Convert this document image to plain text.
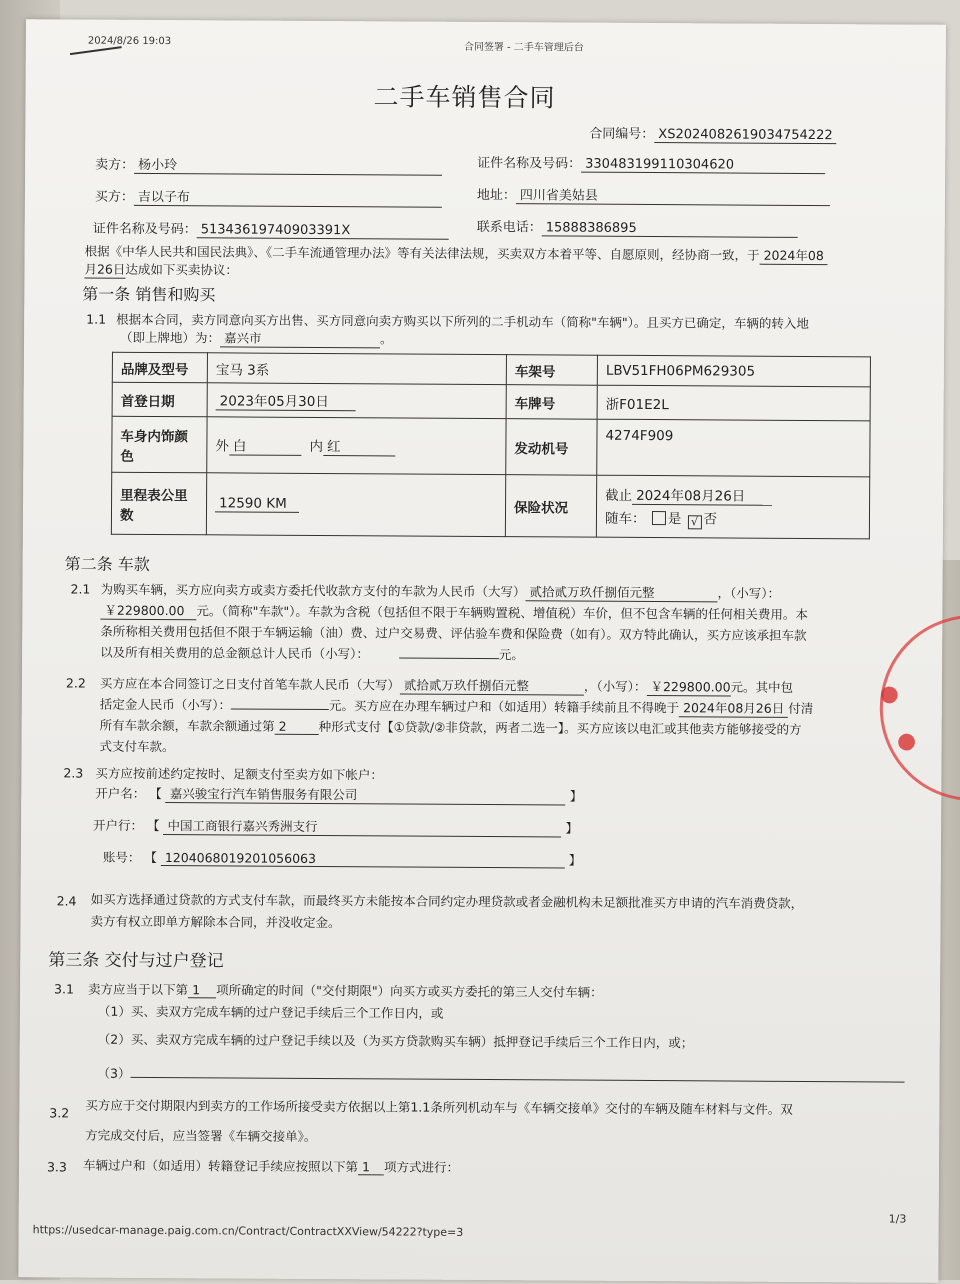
2024/8/26 19:03
合同签署 - 二手车管理后台
二手车销售合同
合同编号： XS2024082619034754222
卖方： 杨小玲	证件名称及号码： 330483199110304620
买方： 吉以子布	地址： 四川省美姑县
证件名称及号码： 51343619740903391X	联系电话： 15888386895
根据《中华人民共和国民法典》、《二手车流通管理办法》等有关法律法规，买卖双方本着平等、自愿原则，经协商一致，于 2024年08
月26日达成如下买卖协议：
第一条 销售和购买
1.1 根据本合同，卖方同意向买方出售、买方同意向卖方购买以下所列的二手机动车（简称"车辆"）。且买方已确定，车辆的转入地
（即上牌地）为： 嘉兴市	。
品牌及型号	宝马 3系	车架号	LBV51FH06PM629305
首登日期	2023年05月30日	车牌号	浙F01E2L
车身内饰颜色	外 白 内 红	发动机号	4274F909
里程表公里数	12590 KM	保险状况	截止 2024年08月26日
随车： 是 √ 否
第二条 车款
2.1 为购买车辆，买方应向卖方或卖方委托代收款方支付的车款为人民币（大写） 贰拾贰万玖仟捌佰元整	，（小写）：
￥229800.00 元。（简称"车款"）。车款为含税（包括但不限于车辆购置税、增值税）车价，但不包含车辆的任何相关费用。本
条所称相关费用包括但不限于车辆运输（油）费、过户交易费、评估验车费和保险费（如有）。双方特此确认，买方应该承担车款
以及所有相关费用的总金额总计人民币（小写）：	元。
2.2 买方应在本合同签订之日支付首笔车款人民币（大写） 贰拾贰万玖仟捌佰元整	，（小写）： ￥229800.00元。其中包
括定金人民币（小写）：	元。买方应在办理车辆过户和（如适用）转籍手续前且不得晚于 2024年08月26日 付清
所有车款余额，车款余额通过第 2	种形式支付【①贷款/②非贷款，两者二选一】。买方应该以电汇或其他卖方能够接受的方
式支付车款。
2.3 买方应按前述约定按时、足额支付至卖方如下帐户：
开户名： 【 嘉兴骏宝行汽车销售服务有限公司	】
开户行： 【 中国工商银行嘉兴秀洲支行	】
账号： 【 1204068019201056063	】
2.4 如买方选择通过贷款的方式支付车款，而最终买方未能按本合同约定办理贷款或者金融机构未足额批准买方申请的汽车消费贷款，
卖方有权立即单方解除本合同，并没收定金。
第三条 交付与过户登记
3.1 卖方应当于以下第 1 项所确定的时间（"交付期限"）向买方或买方委托的第三人交付车辆：
（1）买、卖双方完成车辆的过户登记手续后三个工作日内，或
（2）买、卖双方完成车辆的过户登记手续以及（为买方贷款购买车辆）抵押登记手续后三个工作日内，或；
（3）
3.2 买方应于交付期限内到卖方的工作场所接受卖方依据以上第1.1条所列机动车与《车辆交接单》交付的车辆及随车材料与文件。双
方完成交付后，应当签署《车辆交接单》。
3.3 车辆过户和（如适用）转籍登记手续应按照以下第 1 项方式进行：
https://usedcar-manage.paig.com.cn/Contract/ContractXXView/54222?type=3
1/3
●
●
